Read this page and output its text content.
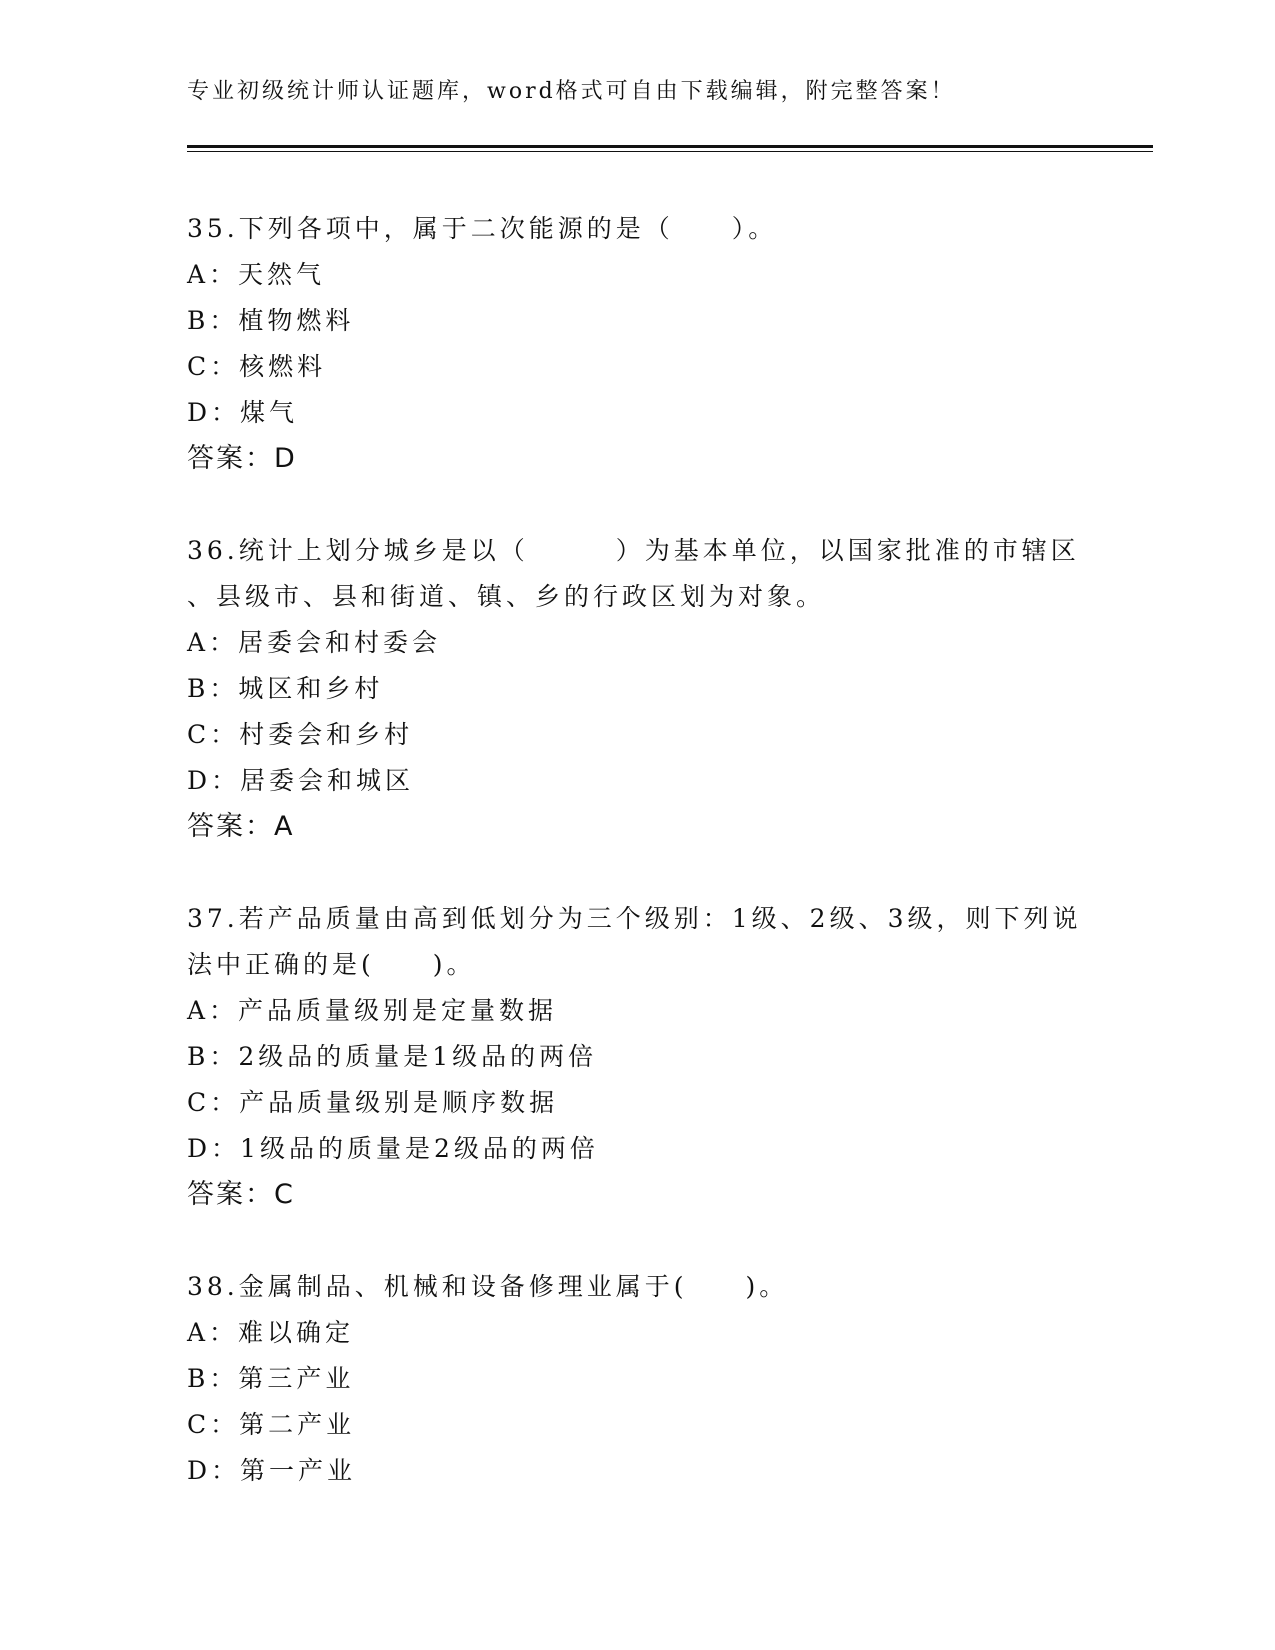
专业初级统计师认证题库，word格式可自由下载编辑，附完整答案！
35.下列各项中，属于二次能源的是（　　）。
A：天然气
B：植物燃料
C：核燃料
D：煤气
答案：D
36.统计上划分城乡是以（　　　）为基本单位，以国家批准的市辖区
、县级市、县和街道、镇、乡的行政区划为对象。
A：居委会和村委会
B：城区和乡村
C：村委会和乡村
D：居委会和城区
答案：A
37.若产品质量由高到低划分为三个级别：1级、2级、3级，则下列说
法中正确的是(　　)。
A：产品质量级别是定量数据
B：2级品的质量是1级品的两倍
C：产品质量级别是顺序数据
D：1级品的质量是2级品的两倍
答案：C
38.金属制品、机械和设备修理业属于(　　)。
A：难以确定
B：第三产业
C：第二产业
D：第一产业
